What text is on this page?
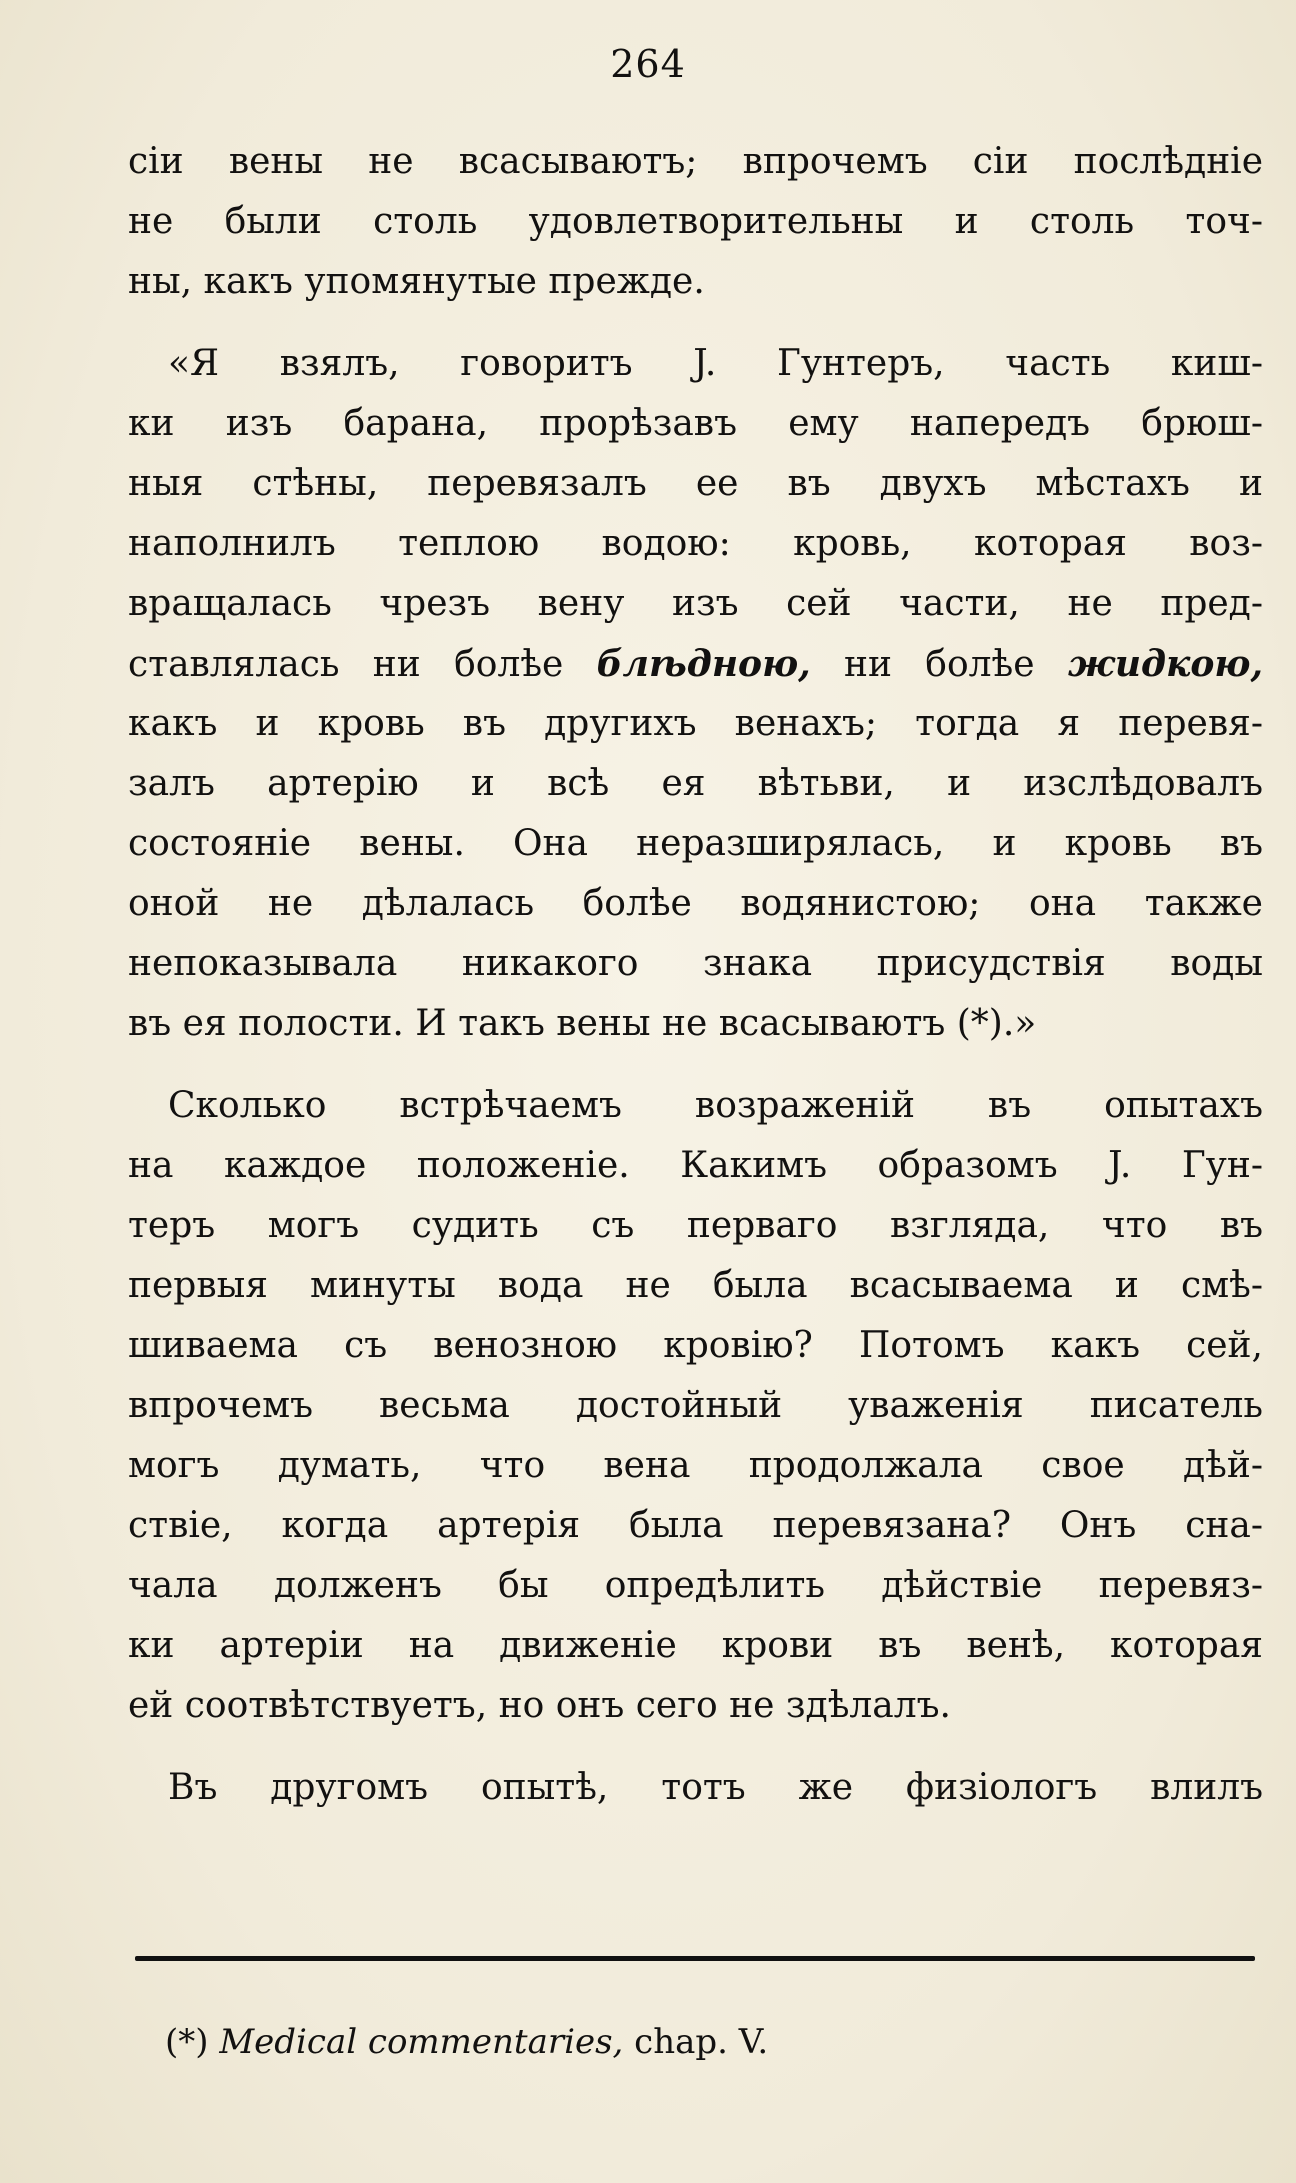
264
сіи вены не всасываютъ; впрочемъ сіи послѣдніе
не были столь удовлетворительны и столь точ-
ны, какъ упомянутые прежде.
«Я взялъ, говоритъ J. Гунтеръ, часть киш-
ки изъ барана, прорѣзавъ ему напередъ брюш-
ныя стѣны, перевязалъ ее въ двухъ мѣстахъ и
наполнилъ теплою водою: кровь, которая воз-
вращалась чрезъ вену изъ сей части, не пред-
ставлялась ни болѣе блѣдною, ни болѣе жидкою,
какъ и кровь въ другихъ венахъ; тогда я перевя-
залъ артерію и всѣ ея вѣтьви, и изслѣдовалъ
состояніе вены. Она неразширялась, и кровь въ
оной не дѣлалась болѣе водянистою; она также
непоказывала никакого знака присудствія воды
въ ея полости. И такъ вены не всасываютъ (*).»
Сколько встрѣчаемъ возраженій въ опытахъ
на каждое положеніе. Какимъ образомъ J. Гун-
теръ могъ судить съ перваго взгляда, что въ
первыя минуты вода не была всасываема и смѣ-
шиваема съ венозною кровію? Потомъ какъ сей,
впрочемъ весьма достойный уваженія писатель
могъ думать, что вена продолжала свое дѣй-
ствіе, когда артерія была перевязана? Онъ сна-
чала долженъ бы опредѣлить дѣйствіе перевяз-
ки артеріи на движеніе крови въ венѣ, которая
ей соотвѣтствуетъ, но онъ сего не здѣлалъ.
Въ другомъ опытѣ, тотъ же физіологъ влилъ
(*) Medical commentaries, chap. V.
